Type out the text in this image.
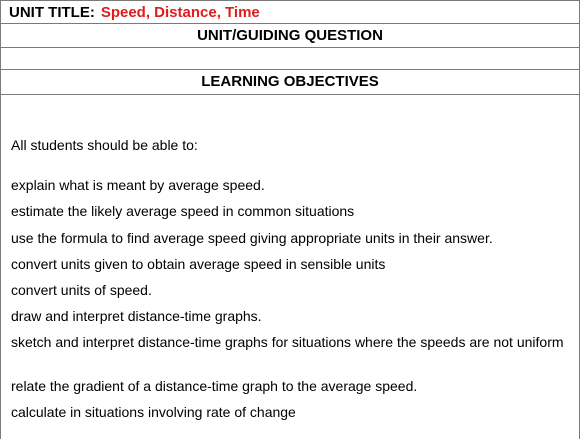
UNIT TITLE: Speed, Distance, Time
UNIT/GUIDING QUESTION
LEARNING OBJECTIVES
All students should be able to:
explain what is meant by average speed.
estimate the likely average speed in common situations
use the formula to find average speed giving appropriate units in their answer.
convert units given to obtain average speed in sensible units
convert units of speed.
draw and interpret distance-time graphs.
sketch and interpret distance-time graphs for situations where the speeds are not uniform
relate the gradient of a distance-time graph to the average speed.
calculate in situations involving rate of change
